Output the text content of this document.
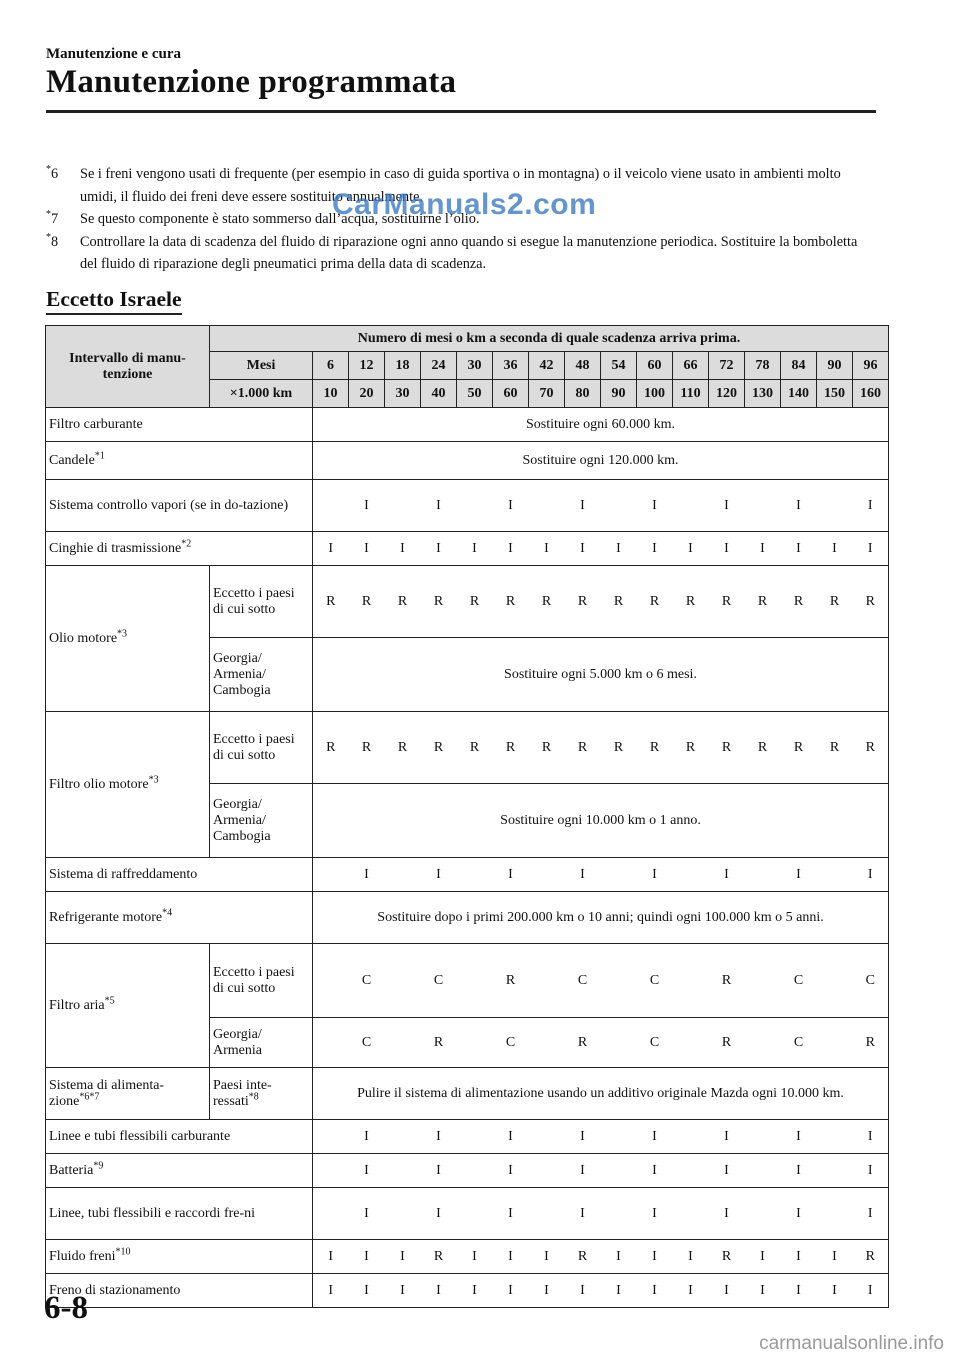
Manutenzione e cura
Manutenzione programmata
*6	Se i freni vengono usati di frequente (per esempio in caso di guida sportiva o in montagna) o il veicolo viene usato in ambienti molto umidi, il fluido dei freni deve essere sostituito annualmente.
*7	Se questo componente è stato sommerso dall’acqua, sostituirne l’olio.
*8	Controllare la data di scadenza del fluido di riparazione ogni anno quando si esegue la manutenzione periodica. Sostituire la bomboletta del fluido di riparazione degli pneumatici prima della data di scadenza.
CarManuals2.com
Eccetto Israele
Intervallo di manu-tenzione	Numero di mesi o km a seconda di quale scadenza arriva prima.																
	Mesi	6	12	18	24	30	36	42	48	54	60	66	72	78	84	90	96
	×1.000 km	10	20	30	40	50	60	70	80	90	100	110	120	130	140	150	160
Filtro carburante		Sostituire ogni 60.000 km.															
Candele$^{*1}$		Sostituire ogni 120.000 km.															
Sistema controllo vapori (se in do-tazione)			I		I		I		I		I		I		I		I
Cinghie di trasmissione$^{*2}$		I	I	I	I	I	I	I	I	I	I	I	I	I	I	I	I
Olio motore$^{*3}$	Eccetto i paesi di cui sotto	R	R	R	R	R	R	R	R	R	R	R	R	R	R	R	R
	Georgia/ Armenia/ Cambogia	Sostituire ogni 5.000 km o 6 mesi.															
Filtro olio motore$^{*3}$	Eccetto i paesi di cui sotto	R	R	R	R	R	R	R	R	R	R	R	R	R	R	R	R
	Georgia/ Armenia/ Cambogia	Sostituire ogni 10.000 km o 1 anno.															
Sistema di raffreddamento			I		I		I		I		I		I		I		I
Refrigerante motore$^{*4}$		Sostituire dopo i primi 200.000 km o 10 anni; quindi ogni 100.000 km o 5 anni.															
Filtro aria$^{*5}$	Eccetto i paesi di cui sotto		C		C		R		C		C		R		C		C
	Georgia/ Armenia		C		R		C		R		C		R		C		R
Sistema di alimenta-zione$^{*6*7}$	Paesi inte-ressati$^{*8}$	Pulire il sistema di alimentazione usando un additivo originale Mazda ogni 10.000 km.															
Linee e tubi flessibili carburante			I		I		I		I		I		I		I		I
Batteria$^{*9}$			I		I		I		I		I		I		I		I
Linee, tubi flessibili e raccordi fre-ni			I		I		I		I		I		I		I		I
Fluido freni$^{*10}$		I	I	I	R	I	I	I	R	I	I	I	R	I	I	I	R
Freno di stazionamento		I	I	I	I	I	I	I	I	I	I	I	I	I	I	I	I
6-8
carmanualsonline.info
